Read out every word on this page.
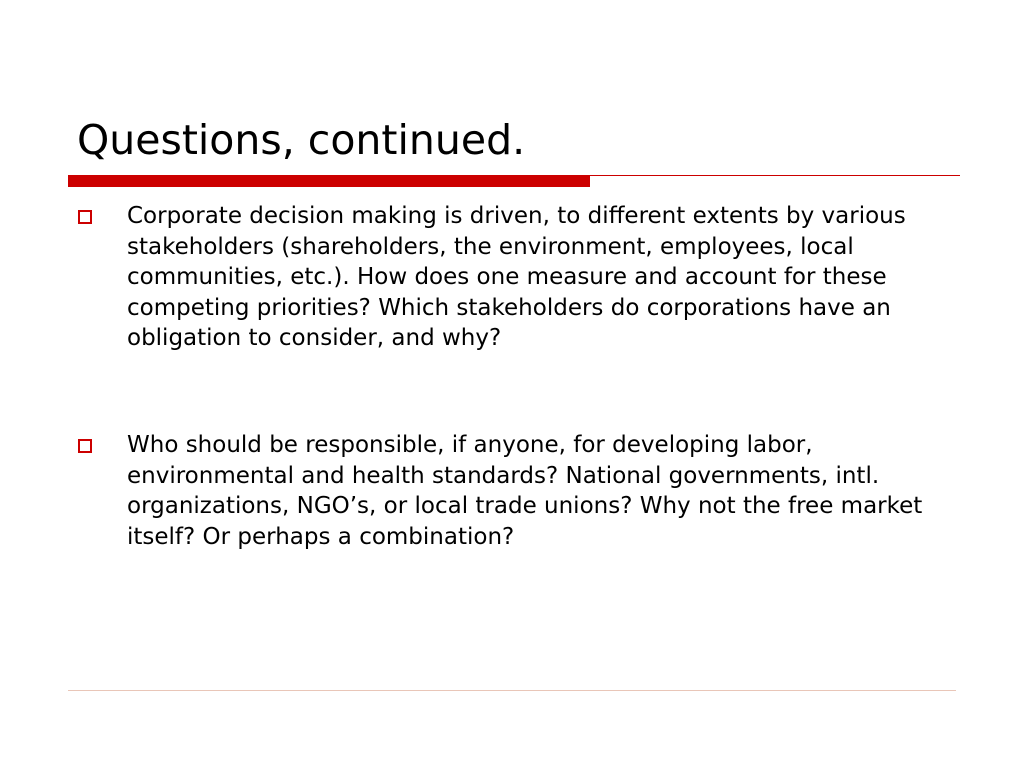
Questions, continued.

Corporate decision making is driven, to different extents by various stakeholders (shareholders, the environment, employees, local communities, etc.). How does one measure and account for these competing priorities? Which stakeholders do corporations have an obligation to consider, and why?

Who should be responsible, if anyone, for developing labor, environmental and health standards? National governments, intl. organizations, NGO’s, or local trade unions? Why not the free market itself? Or perhaps a combination?
